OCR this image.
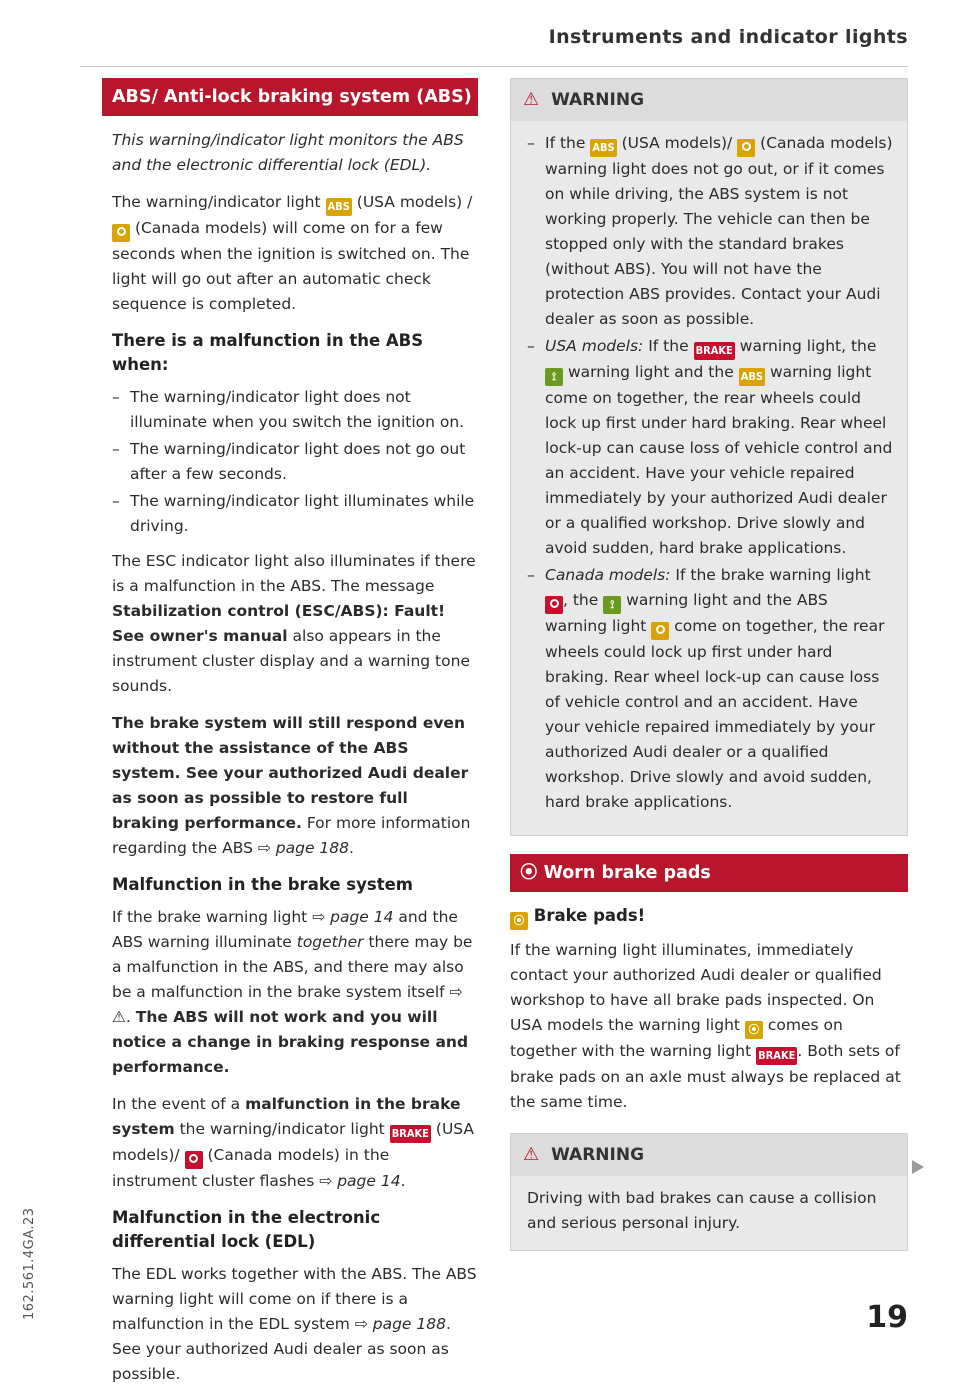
Instruments and indicator lights
ABS/ Anti-lock braking system (ABS)

This warning/indicator light monitors the ABS and the electronic differential lock (EDL).

The warning/indicator light ABS (USA models) /  (Canada models) will come on for a few seconds when the ignition is switched on. The light will go out after an automatic check sequence is completed.

There is a malfunction in the ABS when:
– The warning/indicator light does not illuminate when you switch the ignition on.
– The warning/indicator light does not go out after a few seconds.
– The warning/indicator light illuminates while driving.

The ESC indicator light also illuminates if there is a malfunction in the ABS. The message Stabilization control (ESC/ABS): Fault! See owner's manual also appears in the instrument cluster display and a warning tone sounds.

The brake system will still respond even without the assistance of the ABS system. See your authorized Audi dealer as soon as possible to restore full braking performance. For more information regarding the ABS ⇨ page 188.

Malfunction in the brake system

If the brake warning light ⇨ page 14 and the ABS warning illuminate together there may be a malfunction in the ABS, and there may also be a malfunction in the brake system itself ⇨ ⚠. The ABS will not work and you will notice a change in braking response and performance.

In the event of a malfunction in the brake system the warning/indicator light BRAKE (USA models)/ (Canada models) in the instrument cluster flashes ⇨ page 14.

Malfunction in the electronic differential lock (EDL)

The EDL works together with the ABS. The ABS warning light will come on if there is a malfunction in the EDL system ⇨ page 188. See your authorized Audi dealer as soon as possible.

⚠ WARNING
– If the ABS (USA models)/ (Canada models) warning light does not go out, or if it comes on while driving, the ABS system is not working properly. The vehicle can then be stopped only with the standard brakes (without ABS). You will not have the protection ABS provides. Contact your Audi dealer as soon as possible.
– USA models: If the BRAKE warning light, the ⟟ warning light and the ABS warning light come on together, the rear wheels could lock up first under hard braking. Rear wheel lock-up can cause loss of vehicle control and an accident. Have your vehicle repaired immediately by your authorized Audi dealer or a qualified workshop. Drive slowly and avoid sudden, hard brake applications.
– Canada models: If the brake warning light , the ⟟ warning light and the ABS warning light come on together, the rear wheels could lock up first under hard braking. Rear wheel lock-up can cause loss of vehicle control and an accident. Have your vehicle repaired immediately by your authorized Audi dealer or a qualified workshop. Drive slowly and avoid sudden, hard brake applications.
⦿ Worn brake pads
⦿ Brake pads!

If the warning light illuminates, immediately contact your authorized Audi dealer or qualified workshop to have all brake pads inspected. On USA models the warning light ⦿ comes on together with the warning light BRAKE . Both sets of brake pads on an axle must always be replaced at the same time.

⚠ WARNING

Driving with bad brakes can cause a collision and serious personal injury.

19
162.561.4GA.23
